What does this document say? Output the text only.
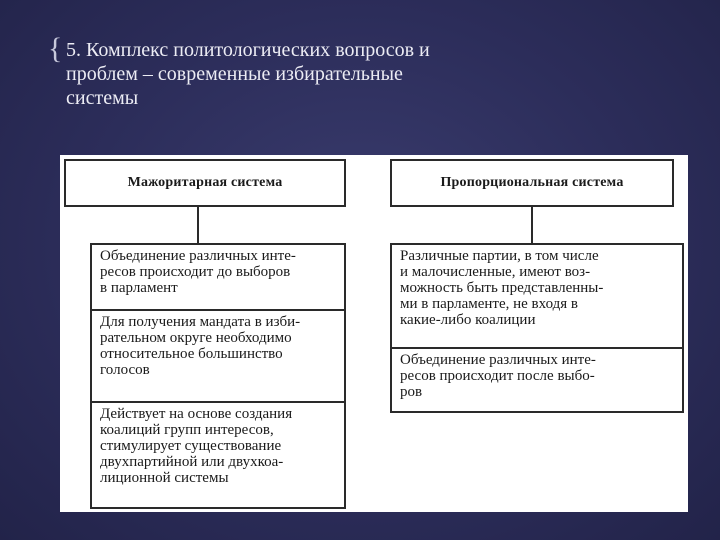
{ 5. Комплекс политологических вопросов и
проблем – современные избирательные
системы
Мажоритарная система
Объединение различных инте-
ресов происходит до выборов
в парламент
Для получения мандата в изби-
рательном округе необходимо
относительное большинство
голосов
Действует на основе создания
коалиций групп интересов,
стимулирует существование
двухпартийной или двухкоа-
лиционной системы
Пропорциональная система
Различные партии, в том числе
и малочисленные, имеют воз-
можность быть представленны-
ми в парламенте, не входя в
какие-либо коалиции
Объединение различных инте-
ресов происходит после выбо-
ров
